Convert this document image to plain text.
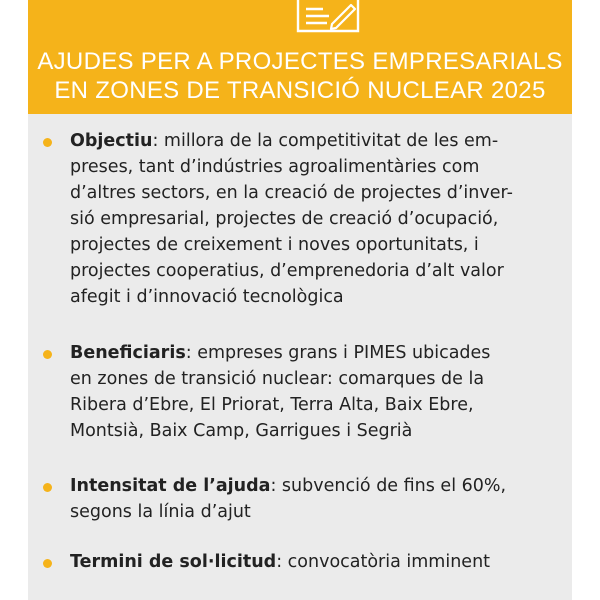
AJUDES PER A PROJECTES EMPRESARIALS
EN ZONES DE TRANSICIÓ NUCLEAR 2025
Objectiu: millora de la competitivitat de les em-
preses, tant d’indústries agroalimentàries com
d’altres sectors, en la creació de projectes d’inver-
sió empresarial, projectes de creació d’ocupació,
projectes de creixement i noves oportunitats, i
projectes cooperatius, d’emprenedoria d’alt valor
afegit i d’innovació tecnològica
Beneficiaris: empreses grans i PIMES ubicades
en zones de transició nuclear: comarques de la
Ribera d’Ebre, El Priorat, Terra Alta, Baix Ebre,
Montsià, Baix Camp, Garrigues i Segrià
Intensitat de l’ajuda: subvenció de fins el 60%,
segons la línia d’ajut
Termini de sol·licitud: convocatòria imminent
